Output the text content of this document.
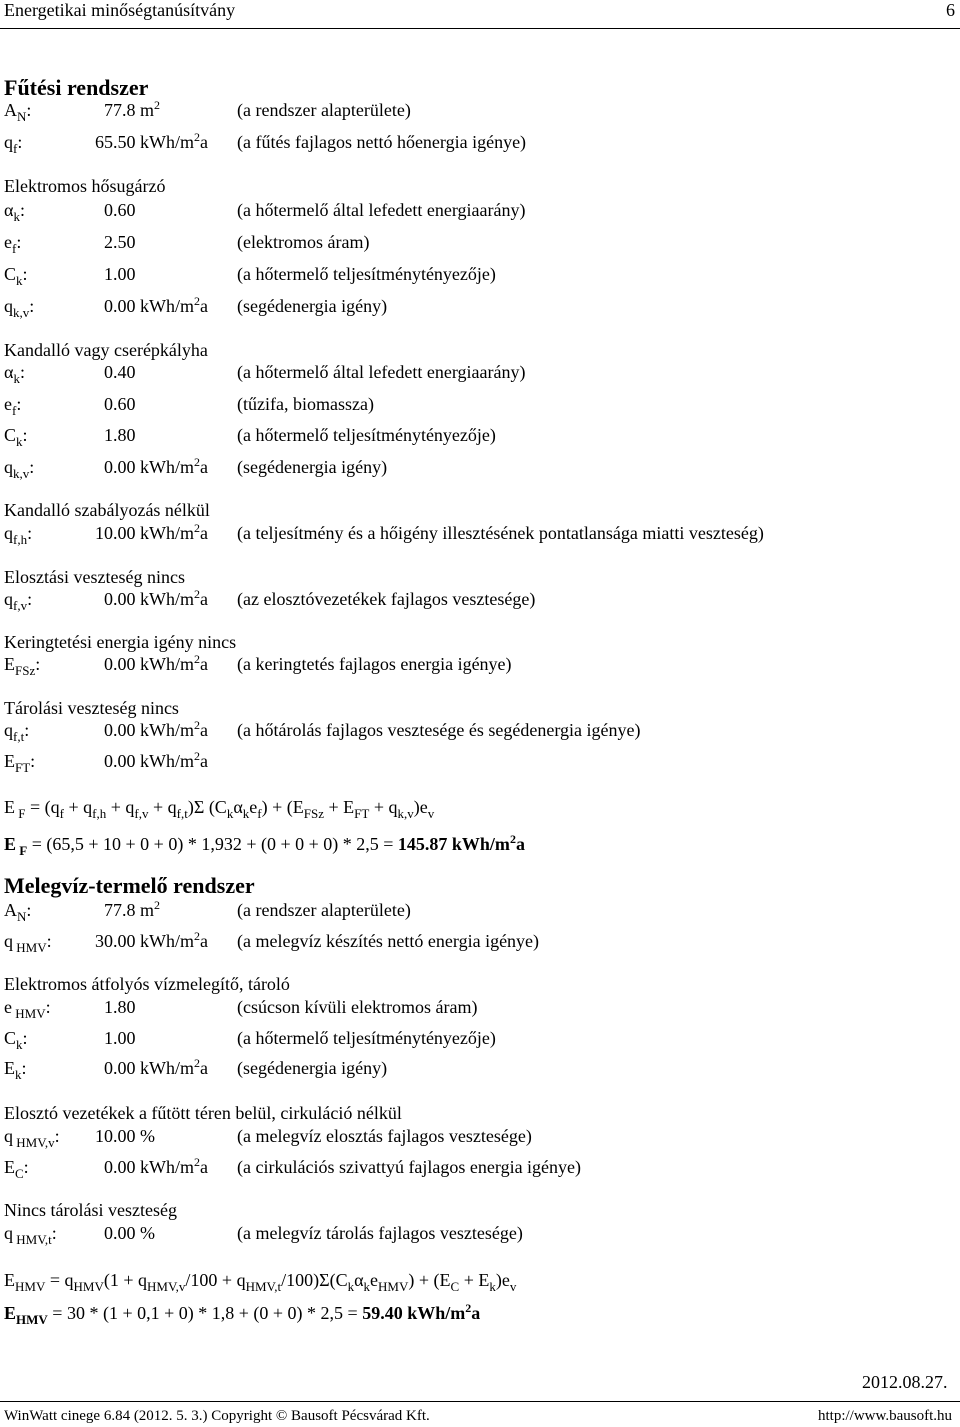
Energetikai minőségtanúsítvány	6
Fűtési rendszer
$A_N$:	77.8 $m^2$	(a rendszer alapterülete)
$q_f$:	65.50 kWh/$m^2a$ (a fűtés fajlagos nettó hőenergia igénye)
Elektromos hősugárzó
$\alpha_k$:	0.60	(a hőtermelő által lefedett energiaarány)
$e_f$:	2.50	(elektromos áram)
$C_k$:	1.00	(a hőtermelő teljesítménytényezője)
$q_{k,v}$:	0.00 kWh/$m^2a$ (segédenergia igény)
Kandalló vagy cserépkályha
$\alpha_k$:	0.40	(a hőtermelő által lefedett energiaarány)
$e_f$:	0.60	(tűzifa, biomassza)
$C_k$:	1.80	(a hőtermelő teljesítménytényezője)
$q_{k,v}$:	0.00 kWh/$m^2a$ (segédenergia igény)
Kandalló szabályozás nélkül
$q_{f,h}$:	10.00 kWh/$m^2a$ (a teljesítmény és a hőigény illesztésének pontatlansága miatti veszteség)
Elosztási veszteség nincs
$q_{f,v}$:	0.00 kWh/$m^2a$ (az elosztóvezetékek fajlagos vesztesége)
Keringtetési energia igény nincs
$E_{FSz}$:	0.00 kWh/$m^2a$ (a keringtetés fajlagos energia igénye)
Tárolási veszteség nincs
$q_{f,t}$:	0.00 kWh/$m^2a$ (a hőtárolás fajlagos vesztesége és segédenergia igénye)
$E_{FT}$:	0.00 kWh/$m^2a$
E $_F = (q_f + q_{f,h} + q_{f,v} + q_{f,t})\Sigma$ $(C_k\alpha_ke_f) + (E_{FSz} + E_{FT} + q_{k,v})e_v$
E $_F$ = (65,5 + 10 + 0 + 0) * 1,932 + (0 + 0 + 0) * 2,5 = 145.87 kWh/$m^2a$
Melegvíz-termelő rendszer
$A_N$:	77.8 $m^2$	(a rendszer alapterülete)
q $_{HMV}$: 30.00 kWh/$m^2a$ (a melegvíz készítés nettó energia igénye)
Elektromos átfolyós vízmelegítő, tároló
e $_{HMV}$:	1.80	(csúcson kívüli elektromos áram)
$C_k$:	1.00	(a hőtermelő teljesítménytényezője)
$E_k$:	0.00 kWh/$m^2a$ (segédenergia igény)
Elosztó vezetékek a fűtött téren belül, cirkuláció nélkül
q $_{HMV,v}$: 10.00 %	(a melegvíz elosztás fajlagos vesztesége)
$E_C$:	0.00 kWh/$m^2a$ (a cirkulációs szivattyú fajlagos energia igénye)
Nincs tárolási veszteség
q $_{HMV,t}$:	0.00 %	(a melegvíz tárolás fajlagos vesztesége)
$E_{HMV} = q_{HMV}(1 + q_{HMV,v}/100 + q_{HMV,t}/100)\Sigma(C_k\alpha_ke_{HMV}) + (E_C + E_k)e_v$
$E_{HMV} = 30 * (1 + 0,1 + 0) * 1,8 + (0 + 0) * 2,5 = 59.40$ kWh/$m^2a$
2012.08.27.
WinWatt cinege 6.84 (2012. 5. 3.) Copyright © Bausoft Pécsvárad Kft.	http://www.bausoft.hu
